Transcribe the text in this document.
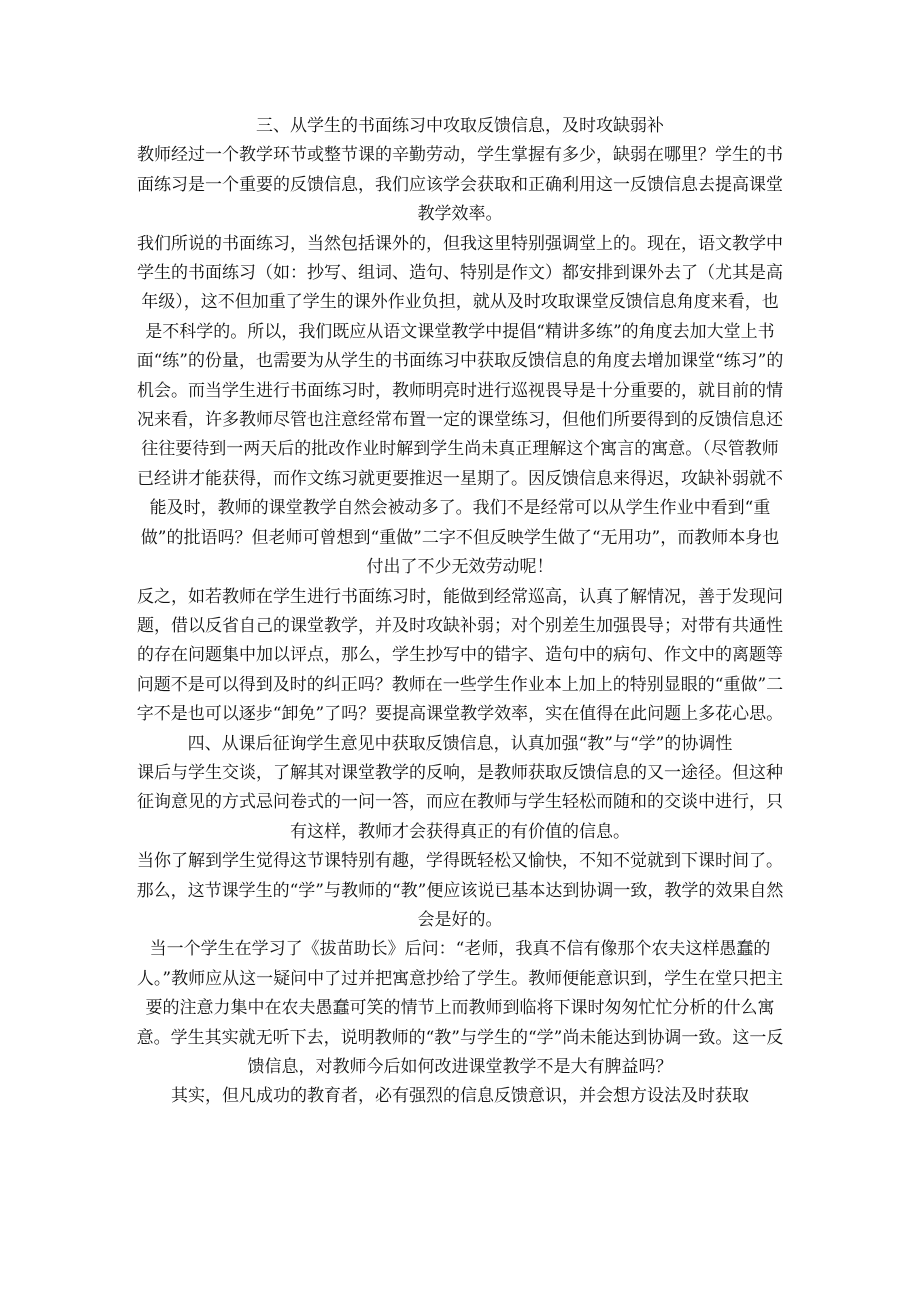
三、从学生的书面练习中攻取反馈信息，及时攻缺弱补

教师经过一个教学环节或整节课的辛勤劳动，学生掌握有多少，缺弱在哪里？学生的书面练习是一个重要的反馈信息，我们应该学会获取和正确利用这一反馈信息去提高课堂教学效率。

我们所说的书面练习，当然包括课外的，但我这里特别强调堂上的。现在，语文教学中学生的书面练习（如：抄写、组词、造句、特别是作文）都安排到课外去了（尤其是高年级），这不但加重了学生的课外作业负担，就从及时攻取课堂反馈信息角度来看，也是不科学的。所以，我们既应从语文课堂教学中提倡“精讲多练”的角度去加大堂上书面“练”的份量，也需要为从学生的书面练习中获取反馈信息的角度去增加课堂“练习”的机会。而当学生进行书面练习时，教师明亮时进行巡视畏导是十分重要的，就目前的情况来看，许多教师尽管也注意经常布置一定的课堂练习，但他们所要得到的反馈信息还往往要待到一两天后的批改作业时解到学生尚未真正理解这个寓言的寓意。（尽管教师已经讲才能获得，而作文练习就更要推迟一星期了。因反馈信息来得迟，攻缺补弱就不能及时，教师的课堂教学自然会被动多了。我们不是经常可以从学生作业中看到“重做”的批语吗？但老师可曾想到“重做”二字不但反映学生做了“无用功”，而教师本身也付出了不少无效劳动呢！

反之，如若教师在学生进行书面练习时，能做到经常巡高，认真了解情况，善于发现问题，借以反省自己的课堂教学，并及时攻缺补弱；对个别差生加强畏导；对带有共通性的存在问题集中加以评点，那么，学生抄写中的错字、造句中的病句、作文中的离题等问题不是可以得到及时的纠正吗？教师在一些学生作业本上加上的特别显眼的“重做”二字不是也可以逐步“卸免”了吗？要提高课堂教学效率，实在值得在此问题上多花心思。

四、从课后征询学生意见中获取反馈信息，认真加强“教”与“学”的协调性

课后与学生交谈，了解其对课堂教学的反响，是教师获取反馈信息的又一途径。但这种征询意见的方式忌问卷式的一问一答，而应在教师与学生轻松而随和的交谈中进行，只有这样，教师才会获得真正的有价值的信息。

当你了解到学生觉得这节课特别有趣，学得既轻松又愉快，不知不觉就到下课时间了。那么，这节课学生的“学”与教师的“教”便应该说已基本达到协调一致，教学的效果自然会是好的。

当一个学生在学习了《拔苗助长》后问：“老师，我真不信有像那个农夫这样愚蠢的人。”教师应从这一疑问中了过并把寓意抄给了学生。教师便能意识到，学生在堂只把主要的注意力集中在农夫愚蠢可笑的情节上而教师到临将下课时匆匆忙忙分析的什么寓意。学生其实就无听下去，说明教师的“教”与学生的“学”尚未能达到协调一致。这一反馈信息，对教师今后如何改进课堂教学不是大有脾益吗？

其实，但凡成功的教育者，必有强烈的信息反馈意识，并会想方设法及时获取
